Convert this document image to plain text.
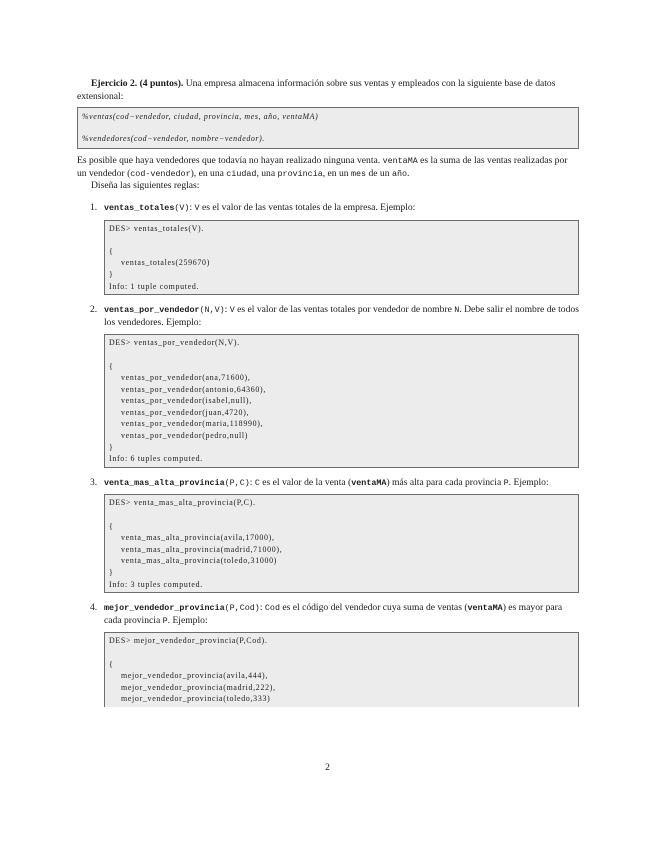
Ejercicio 2. (4 puntos). Una empresa almacena información sobre sus ventas y empleados con la siguiente base de datos extensional:

%ventas(cod−vendedor, ciudad, provincia, mes, año, ventaMA)
%vendedores(cod−vendedor, nombre−vendedor).

Es posible que haya vendedores que todavía no hayan realizado ninguna venta. ventaMA es la suma de las ventas realizadas por un vendedor (cod-vendedor), en una ciudad, una provincia, en un mes de un año.

Diseña las siguientes reglas:

1. ventas_totales(V): V es el valor de las ventas totales de la empresa. Ejemplo:

DES> ventas_totales(V).
{
ventas_totales(259670)
}
Info: 1 tuple computed.
2. ventas_por_vendedor(N,V): V es el valor de las ventas totales por vendedor de nombre N. Debe salir el nombre de todos los vendedores. Ejemplo:

DES> ventas_por_vendedor(N,V).
{
ventas_por_vendedor(ana,71600),
ventas_por_vendedor(antonio,64360),
ventas_por_vendedor(isabel,null),
ventas_por_vendedor(juan,4720),
ventas_por_vendedor(maria,118990),
ventas_por_vendedor(pedro,null)
}
Info: 6 tuples computed.
3. venta_mas_alta_provincia(P,C): C es el valor de la venta (ventaMA) más alta para cada provincia P. Ejemplo:

DES> venta_mas_alta_provincia(P,C).
{
venta_mas_alta_provincia(avila,17000),
venta_mas_alta_provincia(madrid,71000),
venta_mas_alta_provincia(toledo,31000)
}
Info: 3 tuples computed.
4. mejor_vendedor_provincia(P,Cod): Cod es el código del vendedor cuya suma de ventas (ventaMA) es mayor para cada provincia P. Ejemplo:

DES> mejor_vendedor_provincia(P,Cod).
{
mejor_vendedor_provincia(avila,444),
mejor_vendedor_provincia(madrid,222),
mejor_vendedor_provincia(toledo,333)
2
